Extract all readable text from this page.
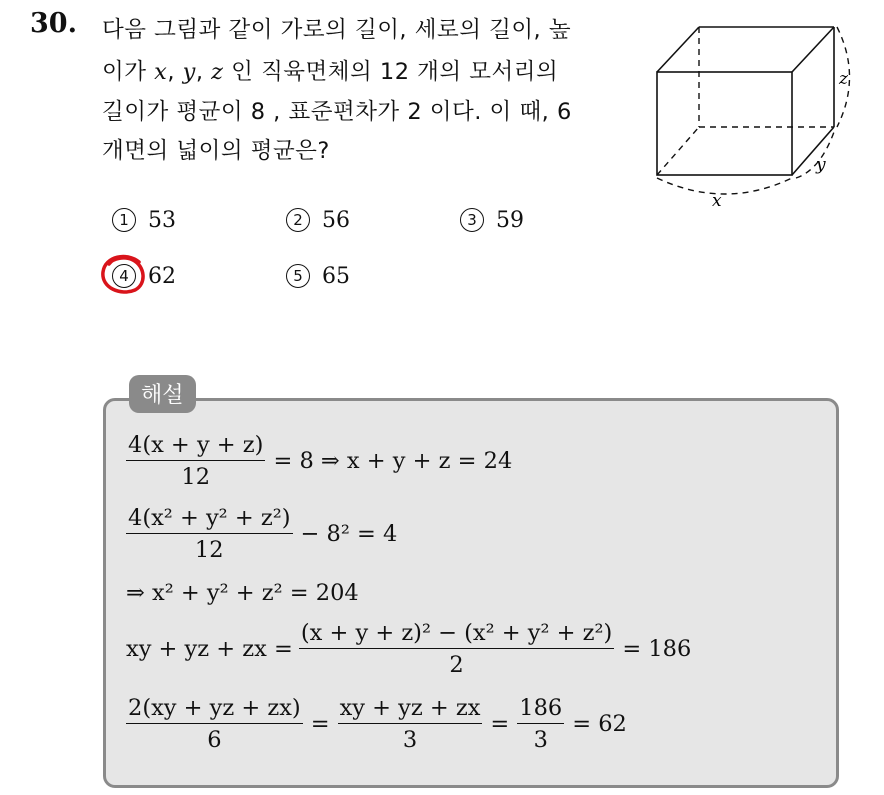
30. 다음 그림과 같이 가로의 길이, 세로의 길이, 높
이가 x, y, z 인 직육면체의 12 개의 모서리의
길이가 평균이 8 , 표준편차가 2 이다. 이 때, 6
개면의 넓이의 평균은?
x
y
z
1 53	2 56	3 59
4 62	5 65
해설
$\frac{4(x + y + z)}{12} = 8$ ⇒ x + y + z = 24
$\frac{\text{4(x² + y² + z²)}}{12} - 8^2 = 4$
⇒ x² + y² + z² = 204
xy + yz + zx = $\frac{\text{(x + y + z)² − (x² + y² + z²)}}{2} = 186$
$\frac{2(xy + yz + zx)}{6} = \frac{xy + yz + zx}{3} = \frac{186}{3} = 62$
